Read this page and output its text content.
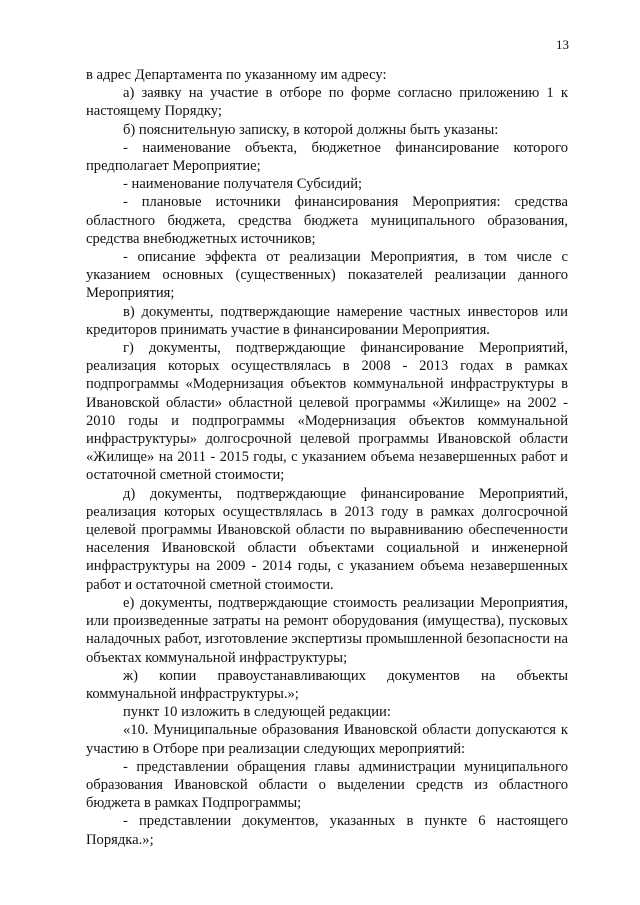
13

в адрес Департамента по указанному им адресу:

а) заявку на участие в отборе по форме согласно приложению 1 к настоящему Порядку;

б) пояснительную записку, в которой должны быть указаны:

- наименование объекта, бюджетное финансирование которого предполагает Мероприятие;

- наименование получателя Субсидий;

- плановые источники финансирования Мероприятия: средства областного бюджета, средства бюджета муниципального образования, средства внебюджетных источников;

- описание эффекта от реализации Мероприятия, в том числе с указанием основных (существенных) показателей реализации данного Мероприятия;

в) документы, подтверждающие намерение частных инвесторов или кредиторов принимать участие в финансировании Мероприятия.

г) документы, подтверждающие финансирование Мероприятий, реализация которых осуществлялась в 2008 - 2013 годах в рамках подпрограммы «Модернизация объектов коммунальной инфраструктуры в Ивановской области» областной целевой программы «Жилище» на 2002 - 2010 годы и подпрограммы «Модернизация объектов коммунальной инфраструктуры» долгосрочной целевой программы Ивановской области «Жилище» на 2011 - 2015 годы, с указанием объема незавершенных работ и остаточной сметной стоимости;

д) документы, подтверждающие финансирование Мероприятий, реализация которых осуществлялась в 2013 году в рамках долгосрочной целевой программы Ивановской области по выравниванию обеспеченности населения Ивановской области объектами социальной и инженерной инфраструктуры на 2009 - 2014 годы, с указанием объема незавершенных работ и остаточной сметной стоимости.

е) документы, подтверждающие стоимость реализации Мероприятия, или произведенные затраты на ремонт оборудования (имущества), пусковых наладочных работ, изготовление экспертизы промышленной безопасности на объектах коммунальной инфраструктуры;

ж) копии правоустанавливающих документов на объекты коммунальной инфраструктуры.»;

пункт 10 изложить в следующей редакции:

«10. Муниципальные образования Ивановской области допускаются к участию в Отборе при реализации следующих мероприятий:

- представлении обращения главы администрации муниципального образования Ивановской области о выделении средств из областного бюджета в рамках Подпрограммы;

- представлении документов, указанных в пункте 6 настоящего Порядка.»;
